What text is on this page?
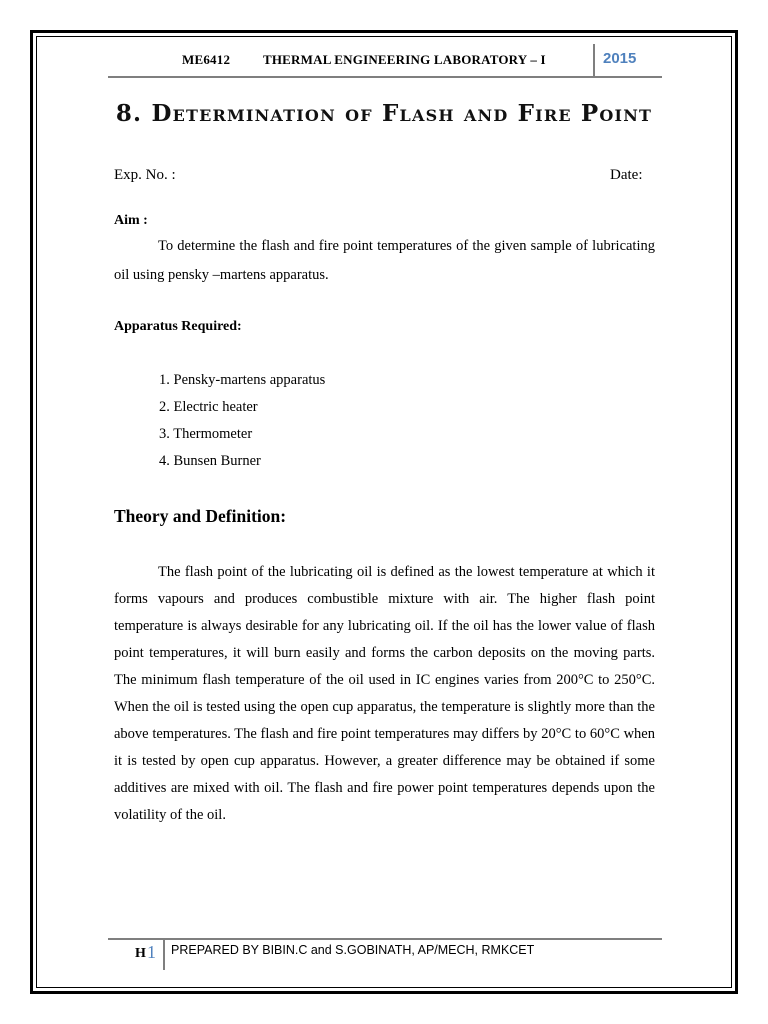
ME6412	THERMAL ENGINEERING LABORATORY – I	2015
8. Determination of Flash and Fire Point
Exp. No. :	Date:
Aim :
To determine the flash and fire point temperatures of the given sample of lubricating oil using pensky –martens apparatus.
Apparatus Required:
1. Pensky-martens apparatus
2. Electric heater
3. Thermometer
4. Bunsen Burner
Theory and Definition:
The flash point of the lubricating oil is defined as the lowest temperature at which it forms vapours and produces combustible mixture with air. The higher flash point temperature is always desirable for any lubricating oil. If the oil has the lower value of flash point temperatures, it will burn easily and forms the carbon deposits on the moving parts. The minimum flash temperature of the oil used in IC engines varies from 200°C to 250°C. When the oil is tested using the open cup apparatus, the temperature is slightly more than the above temperatures. The flash and fire point temperatures may differs by 20°C to 60°C when it is tested by open cup apparatus. However, a greater difference may be obtained if some additives are mixed with oil. The flash and fire power point temperatures depends upon the volatility of the oil.
H 1 PREPARED BY BIBIN.C and S.GOBINATH, AP/MECH, RMKCET
